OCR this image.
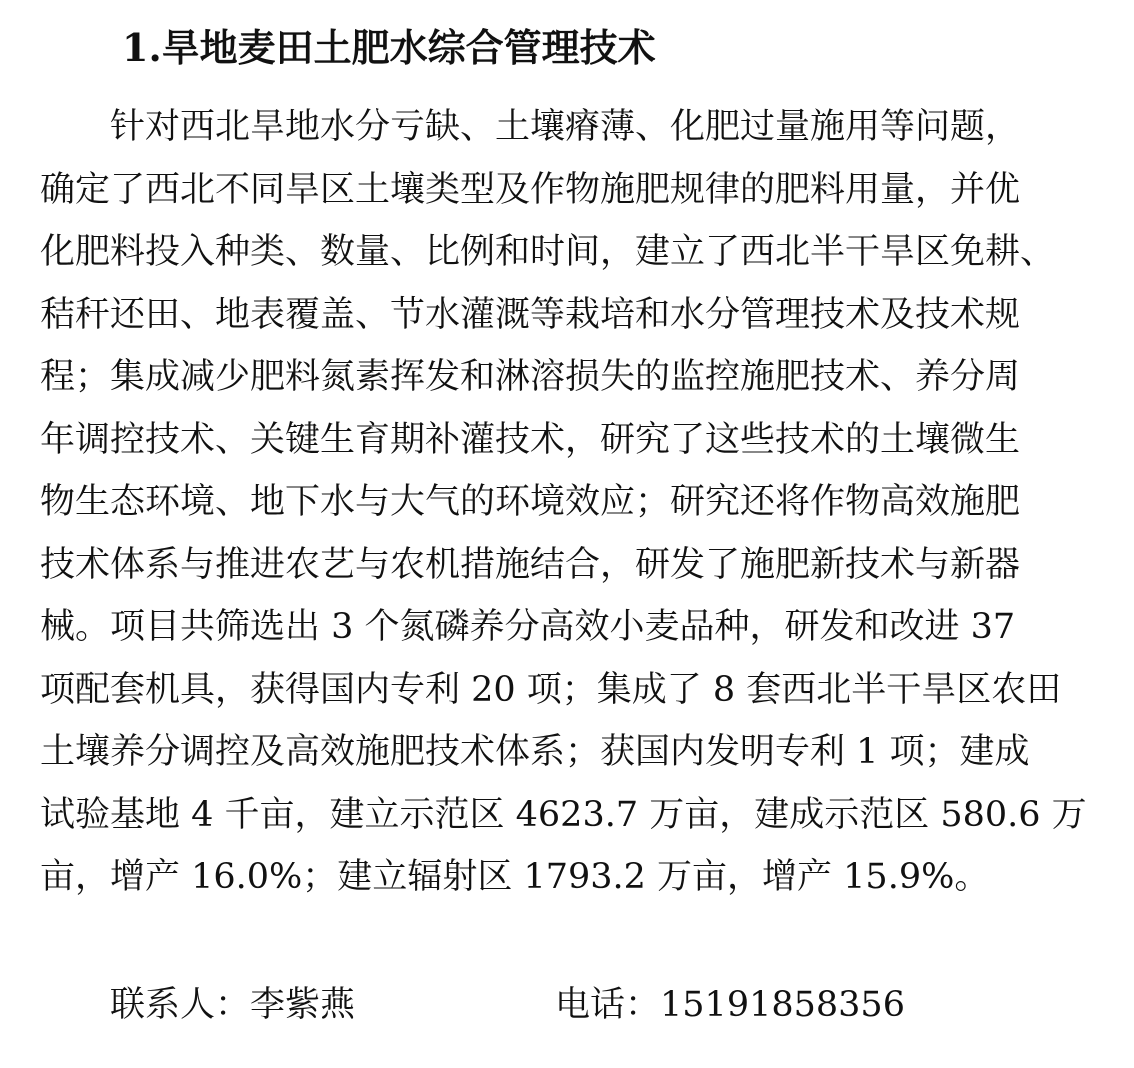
1.旱地麦田土肥水综合管理技术
针对西北旱地水分亏缺、土壤瘠薄、化肥过量施用等问题，
确定了西北不同旱区土壤类型及作物施肥规律的肥料用量，并优
化肥料投入种类、数量、比例和时间，建立了西北半干旱区免耕、
秸秆还田、地表覆盖、节水灌溉等栽培和水分管理技术及技术规
程；集成减少肥料氮素挥发和淋溶损失的监控施肥技术、养分周
年调控技术、关键生育期补灌技术，研究了这些技术的土壤微生
物生态环境、地下水与大气的环境效应；研究还将作物高效施肥
技术体系与推进农艺与农机措施结合，研发了施肥新技术与新器
械。项目共筛选出 3 个氮磷养分高效小麦品种，研发和改进 37
项配套机具，获得国内专利 20 项；集成了 8 套西北半干旱区农田
土壤养分调控及高效施肥技术体系；获国内发明专利 1 项；建成
试验基地 4 千亩，建立示范区 4623.7 万亩，建成示范区 580.6 万
亩，增产 16.0%；建立辐射区 1793.2 万亩，增产 15.9%。
联系人：李紫燕	电话：15191858356
